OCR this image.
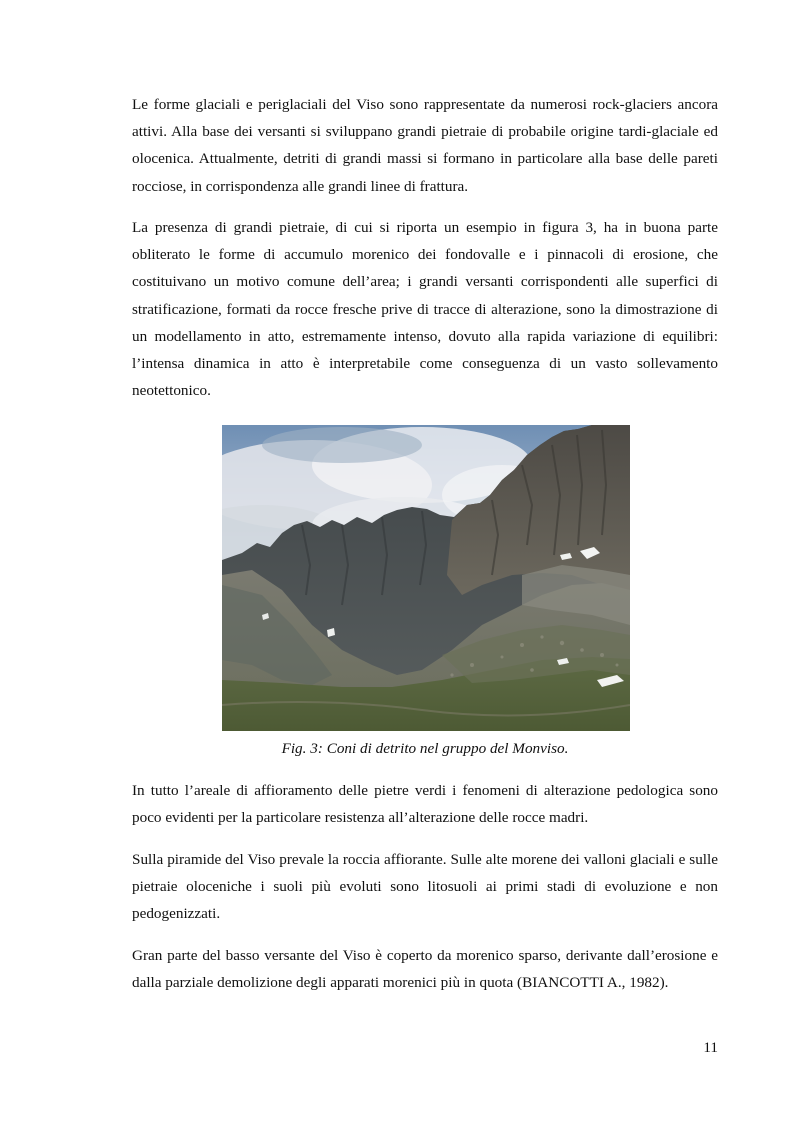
Le forme glaciali e periglaciali del Viso sono rappresentate da numerosi rock-glaciers ancora attivi. Alla base dei versanti si sviluppano grandi pietraie di probabile origine tardi-glaciale ed olocenica. Attualmente, detriti di grandi massi si formano in particolare alla base delle pareti rocciose, in corrispondenza alle grandi linee di frattura.

La presenza di grandi pietraie, di cui si riporta un esempio in figura 3, ha in buona parte obliterato le forme di accumulo morenico dei fondovalle e i pinnacoli di erosione, che costituivano un motivo comune dell’area; i grandi versanti corrispondenti alle superfici di stratificazione, formati da rocce fresche prive di tracce di alterazione, sono la dimostrazione di un modellamento in atto, estremamente intenso, dovuto alla rapida variazione di equilibri: l’intensa dinamica in atto è interpretabile come conseguenza di un vasto sollevamento neotettonico.

Fig. 3: Coni di detrito nel gruppo del Monviso.

In tutto l’areale di affioramento delle pietre verdi i fenomeni di alterazione pedologica sono poco evidenti per la particolare resistenza all’alterazione delle rocce madri.

Sulla piramide del Viso prevale la roccia affiorante. Sulle alte morene dei valloni glaciali e sulle pietraie oloceniche i suoli più evoluti sono litosuoli ai primi stadi di evoluzione e non pedogenizzati.

Gran parte del basso versante del Viso è coperto da morenico sparso, derivante dall’erosione e dalla parziale demolizione degli apparati morenici più in quota (BIANCOTTI A., 1982).

11
